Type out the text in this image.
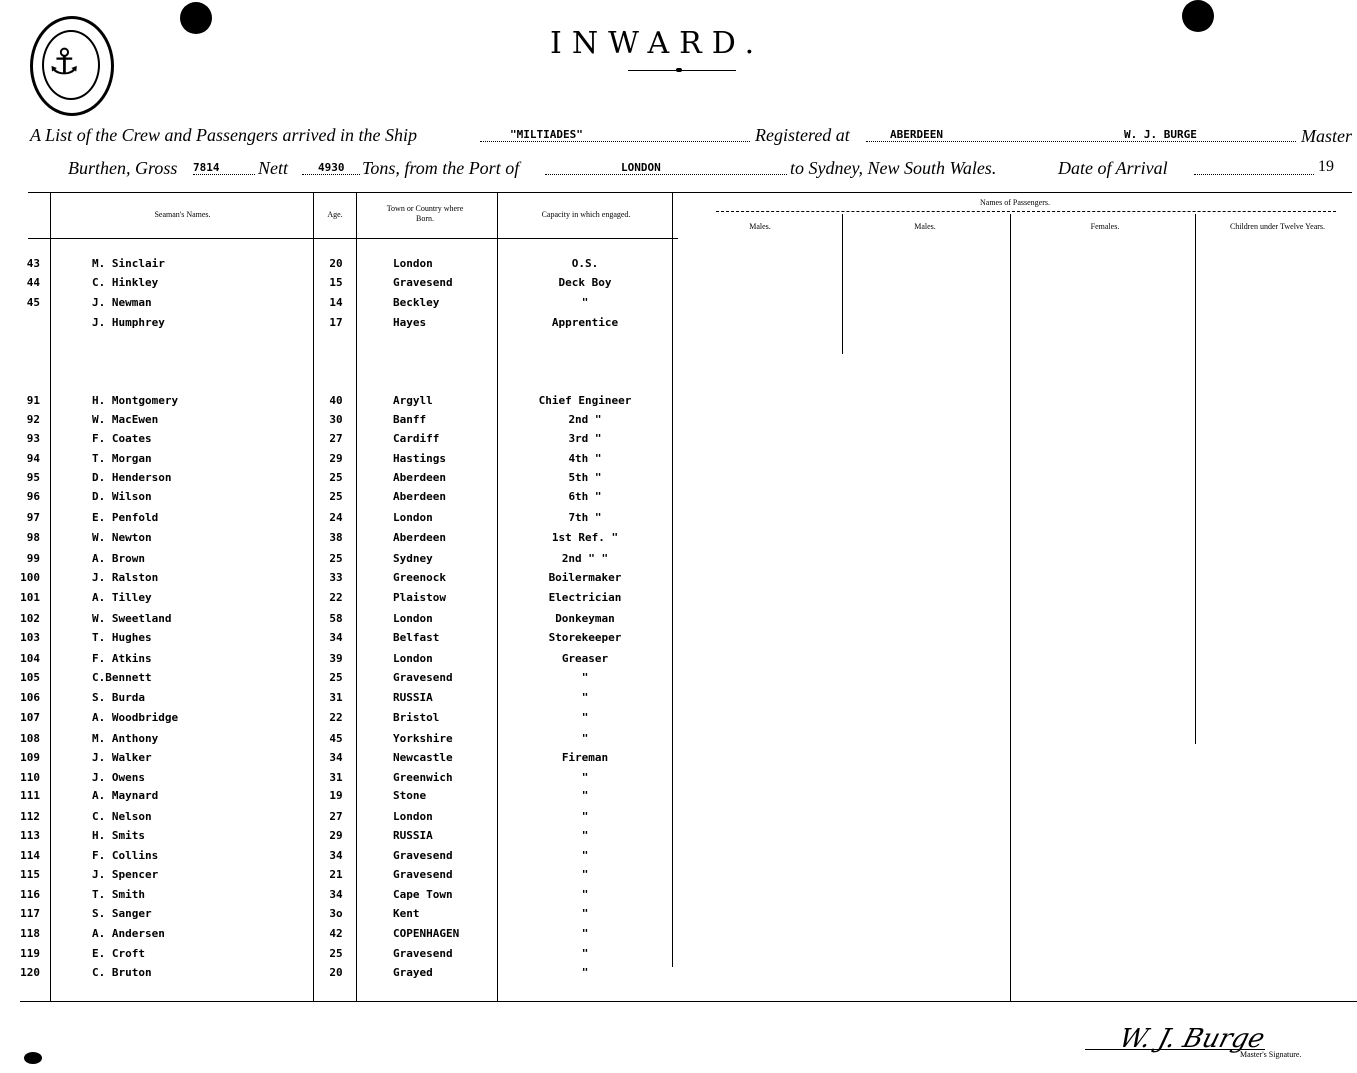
⚓	INWARD.
A List of the Crew and Passengers arrived in the Ship	"MILTIADES"	Registered at	ABERDEEN	W. J. BURGE	Master
Burthen, Gross 7814	Nett	4930 Tons, from the Port of	LONDON	to Sydney, New South Wales.	Date of Arrival	19
Seaman's Names.	Age.
Town or Country where Born.	Capacity in which engaged.
Names of Passengers.
Males.	Males.	Females.	Children under Twelve Years.
43	M. Sinclair	20	London	O.S.
44	C. Hinkley	15	Gravesend	Deck Boy
45	J. Newman	14	Beckley	"
J. Humphrey	17	Hayes	Apprentice
91	H. Montgomery	40	Argyll	Chief Engineer
92	W. MacEwen	30	Banff	2nd "
93	F. Coates	27	Cardiff	3rd "
94	T. Morgan	29	Hastings	4th "
95	D. Henderson	25	Aberdeen	5th "
96	D. Wilson	25	Aberdeen	6th "
97	E. Penfold	24	London	7th "
98	W. Newton	38	Aberdeen	1st Ref. "
99	A. Brown	25	Sydney	2nd " "
100	J. Ralston	33	Greenock	Boilermaker
101	A. Tilley	22	Plaistow	Electrician
102	W. Sweetland	58	London	Donkeyman
103	T. Hughes	34	Belfast	Storekeeper
104	F. Atkins	39	London	Greaser
105	C.Bennett	25	Gravesend	"
106	S. Burda	31	RUSSIA	"
107	A. Woodbridge	22	Bristol	"
108	M. Anthony	45	Yorkshire	"
109	J. Walker	34	Newcastle	Fireman
110	J. Owens	31	Greenwich	"
111	A. Maynard	19	Stone	"
112	C. Nelson	27	London	"
113	H. Smits	29	RUSSIA	"
114	F. Collins	34	Gravesend	"
115	J. Spencer	21	Gravesend	"
116	T. Smith	34	Cape Town	"
117	S. Sanger	3o	Kent	"
118	A. Andersen	42	COPENHAGEN	"
119	E. Croft	25	Gravesend	"
120	C. Bruton	20	Grayed	"
W. J. Burge
Master's Signature.
